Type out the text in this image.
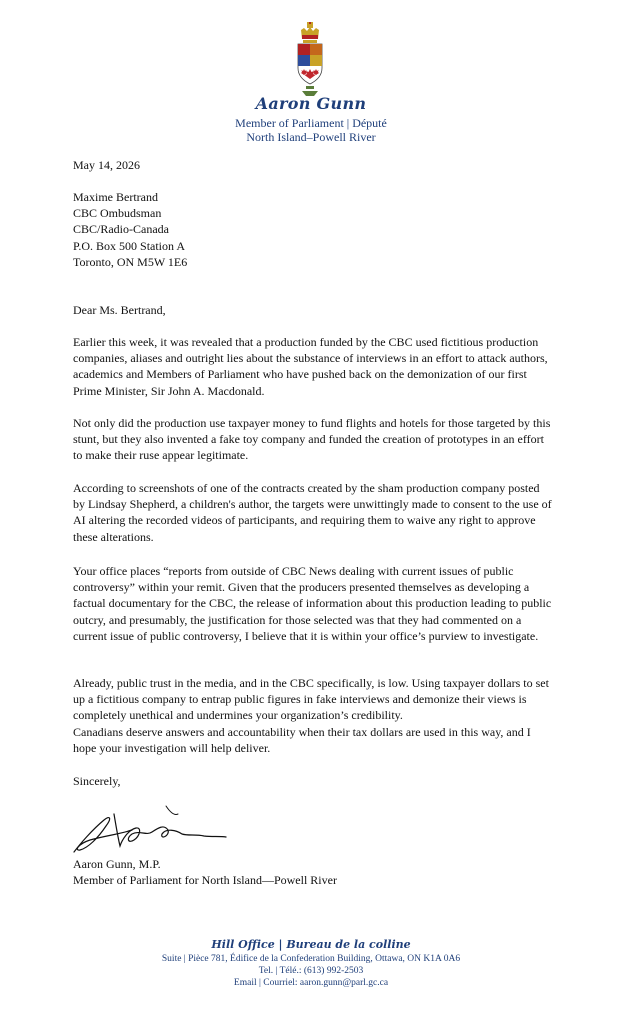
Aaron Gunn
Member of Parliament | Député
North Island–Powell River
May 14, 2026

Maxime Bertrand

CBC Ombudsman

CBC/Radio-Canada

P.O. Box 500 Station A

Toronto, ON M5W 1E6

Dear Ms. Bertrand,
Earlier this week, it was revealed that a production funded by the CBC used fictitious production companies, aliases and outright lies about the substance of interviews in an effort to attack authors, academics and Members of Parliament who have pushed back on the demonization of our first Prime Minister, Sir John A. Macdonald.
Not only did the production use taxpayer money to fund flights and hotels for those targeted by this stunt, but they also invented a fake toy company and funded the creation of prototypes in an effort to make their ruse appear legitimate.
According to screenshots of one of the contracts created by the sham production company posted by Lindsay Shepherd, a children's author, the targets were unwittingly made to consent to the use of AI altering the recorded videos of participants, and requiring them to waive any right to approve these alterations.
Your office places “reports from outside of CBC News dealing with current issues of public controversy” within your remit. Given that the producers presented themselves as developing a factual documentary for the CBC, the release of information about this production leading to public outcry, and presumably, the justification for those selected was that they had commented on a current issue of public controversy, I believe that it is within your office’s purview to investigate.
Already, public trust in the media, and in the CBC specifically, is low. Using taxpayer dollars to set up a fictitious company to entrap public figures in fake interviews and demonize their views is completely unethical and undermines your organization’s credibility.
Canadians deserve answers and accountability when their tax dollars are used in this way, and I hope your investigation will help deliver.
Sincerely,

Aaron Gunn, M.P.

Member of Parliament for North Island—Powell River

Hill Office | Bureau de la colline
Suite | Pièce 781, Édifice de la Confederation Building, Ottawa, ON K1A 0A6
Tel. | Télé.: (613) 992-2503
Email | Courriel: aaron.gunn@parl.gc.ca
